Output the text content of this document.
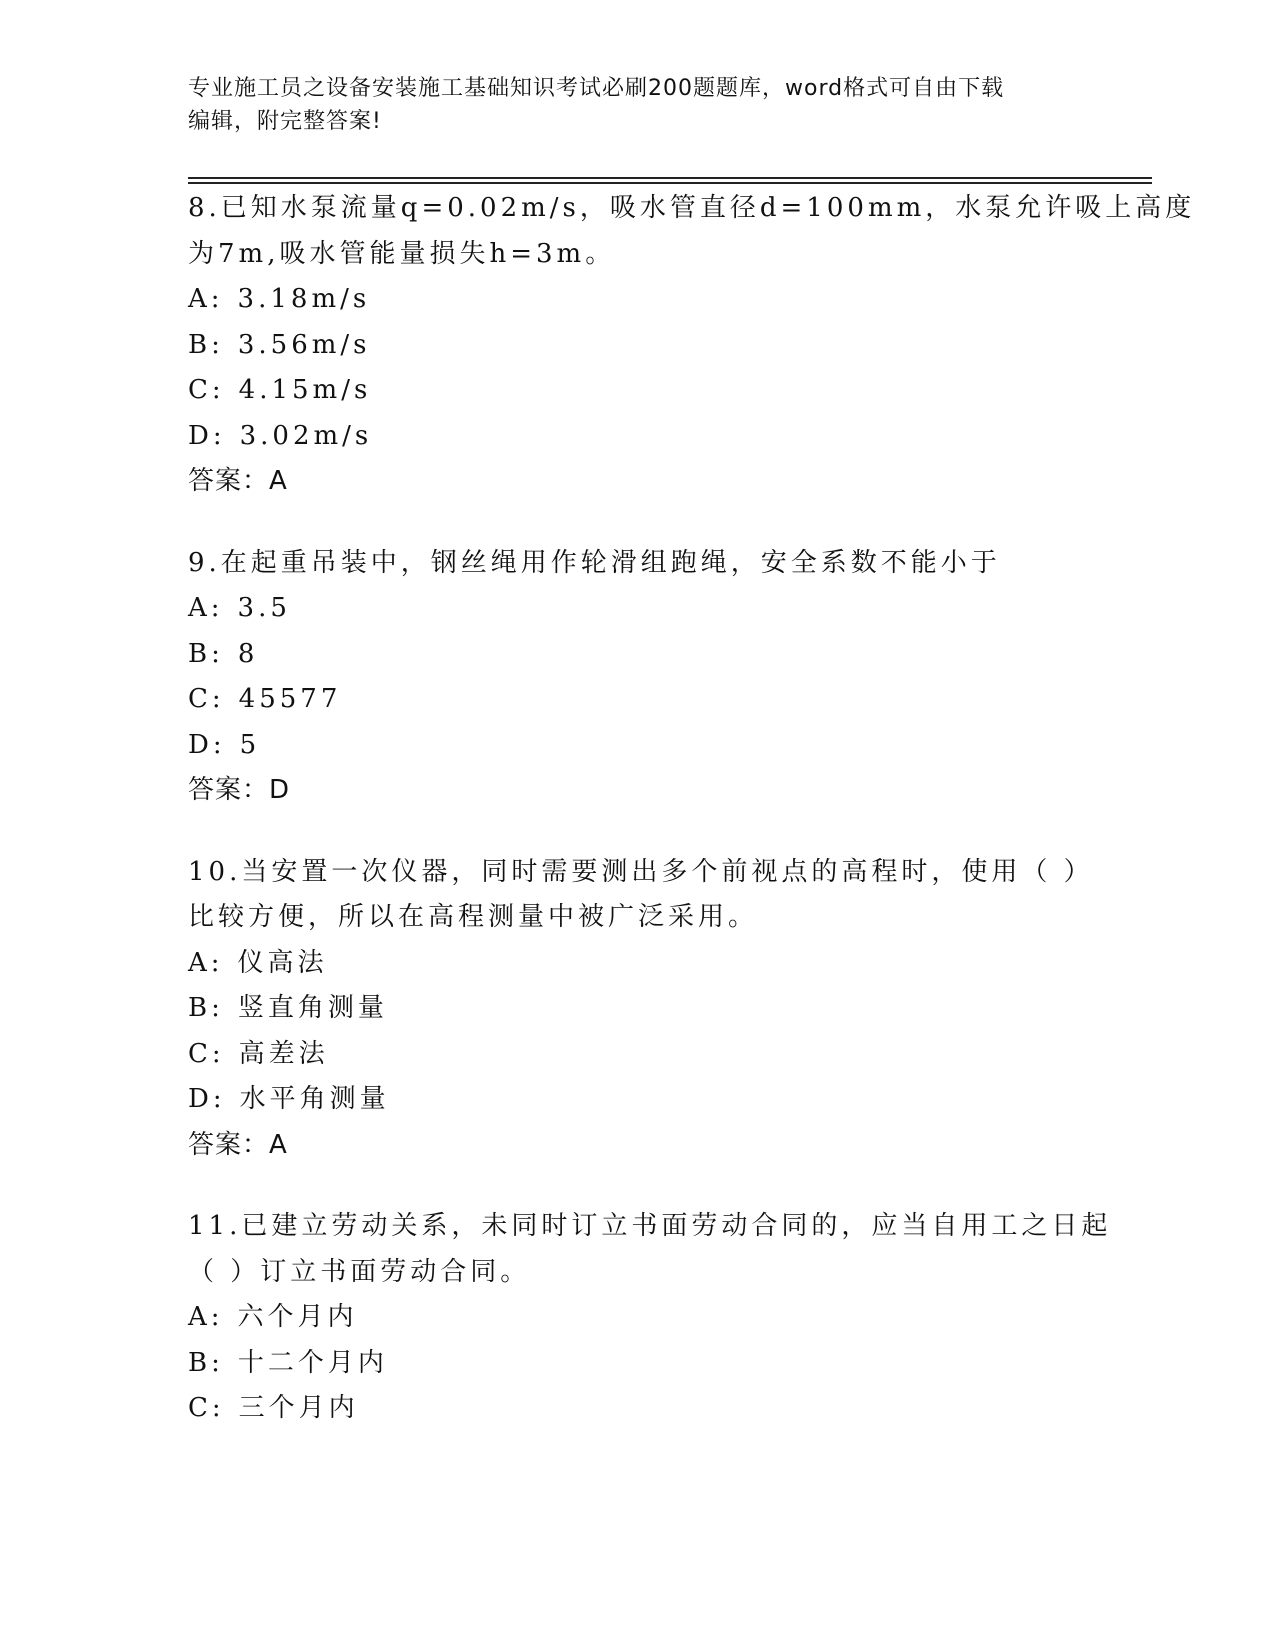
专业施工员之设备安装施工基础知识考试必刷200题题库，word格式可自由下载
编辑，附完整答案!
8.已知水泵流量q=0.02m/s，吸水管直径d=100mm，水泵允许吸上高度
为7m,吸水管能量损失h=3m。
A: 3.18m/s
B: 3.56m/s
C: 4.15m/s
D: 3.02m/s
答案：A
9.在起重吊装中，钢丝绳用作轮滑组跑绳，安全系数不能小于
A: 3.5
B: 8
C: 45577
D: 5
答案：D
10.当安置一次仪器，同时需要测出多个前视点的高程时，使用（ ）
比较方便，所以在高程测量中被广泛采用。
A: 仪高法
B: 竖直角测量
C: 高差法
D: 水平角测量
答案：A
11.已建立劳动关系，未同时订立书面劳动合同的，应当自用工之日起
（ ）订立书面劳动合同。
A: 六个月内
B: 十二个月内
C: 三个月内
